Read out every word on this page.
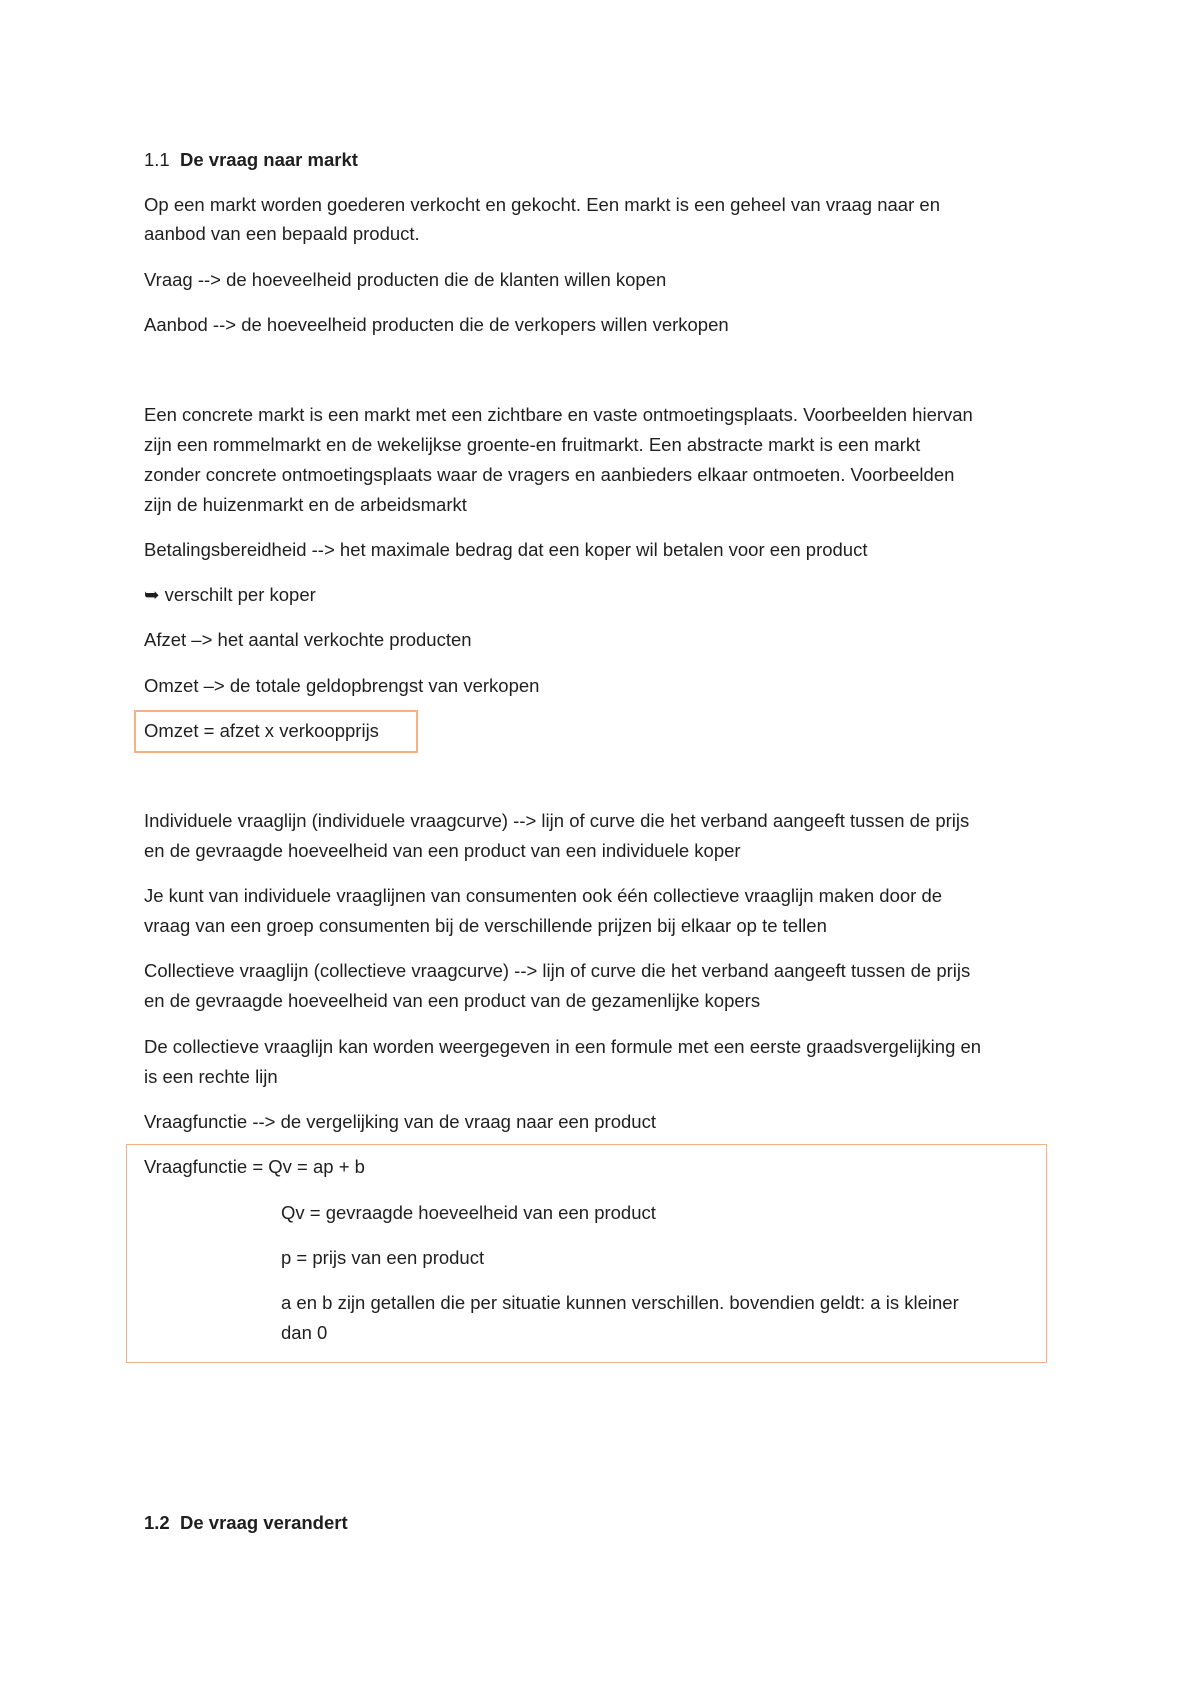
1.1 De vraag naar markt

Op een markt worden goederen verkocht en gekocht. Een markt is een geheel van vraag naar en

aanbod van een bepaald product.

Vraag --> de hoeveelheid producten die de klanten willen kopen

Aanbod --> de hoeveelheid producten die de verkopers willen verkopen

Een concrete markt is een markt met een zichtbare en vaste ontmoetingsplaats. Voorbeelden hiervan

zijn een rommelmarkt en de wekelijkse groente-en fruitmarkt. Een abstracte markt is een markt

zonder concrete ontmoetingsplaats waar de vragers en aanbieders elkaar ontmoeten. Voorbeelden

zijn de huizenmarkt en de arbeidsmarkt

Betalingsbereidheid --> het maximale bedrag dat een koper wil betalen voor een product

➥ verschilt per koper

Afzet –> het aantal verkochte producten

Omzet –> de totale geldopbrengst van verkopen

Omzet = afzet x verkoopprijs

Individuele vraaglijn (individuele vraagcurve) --> lijn of curve die het verband aangeeft tussen de prijs

en de gevraagde hoeveelheid van een product van een individuele koper

Je kunt van individuele vraaglijnen van consumenten ook één collectieve vraaglijn maken door de

vraag van een groep consumenten bij de verschillende prijzen bij elkaar op te tellen

Collectieve vraaglijn (collectieve vraagcurve) --> lijn of curve die het verband aangeeft tussen de prijs

en de gevraagde hoeveelheid van een product van de gezamenlijke kopers

De collectieve vraaglijn kan worden weergegeven in een formule met een eerste graadsvergelijking en

is een rechte lijn

Vraagfunctie --> de vergelijking van de vraag naar een product

Vraagfunctie = Qv = ap + b

Qv = gevraagde hoeveelheid van een product

p = prijs van een product

a en b zijn getallen die per situatie kunnen verschillen. bovendien geldt: a is kleiner

dan 0

1.2 De vraag verandert
